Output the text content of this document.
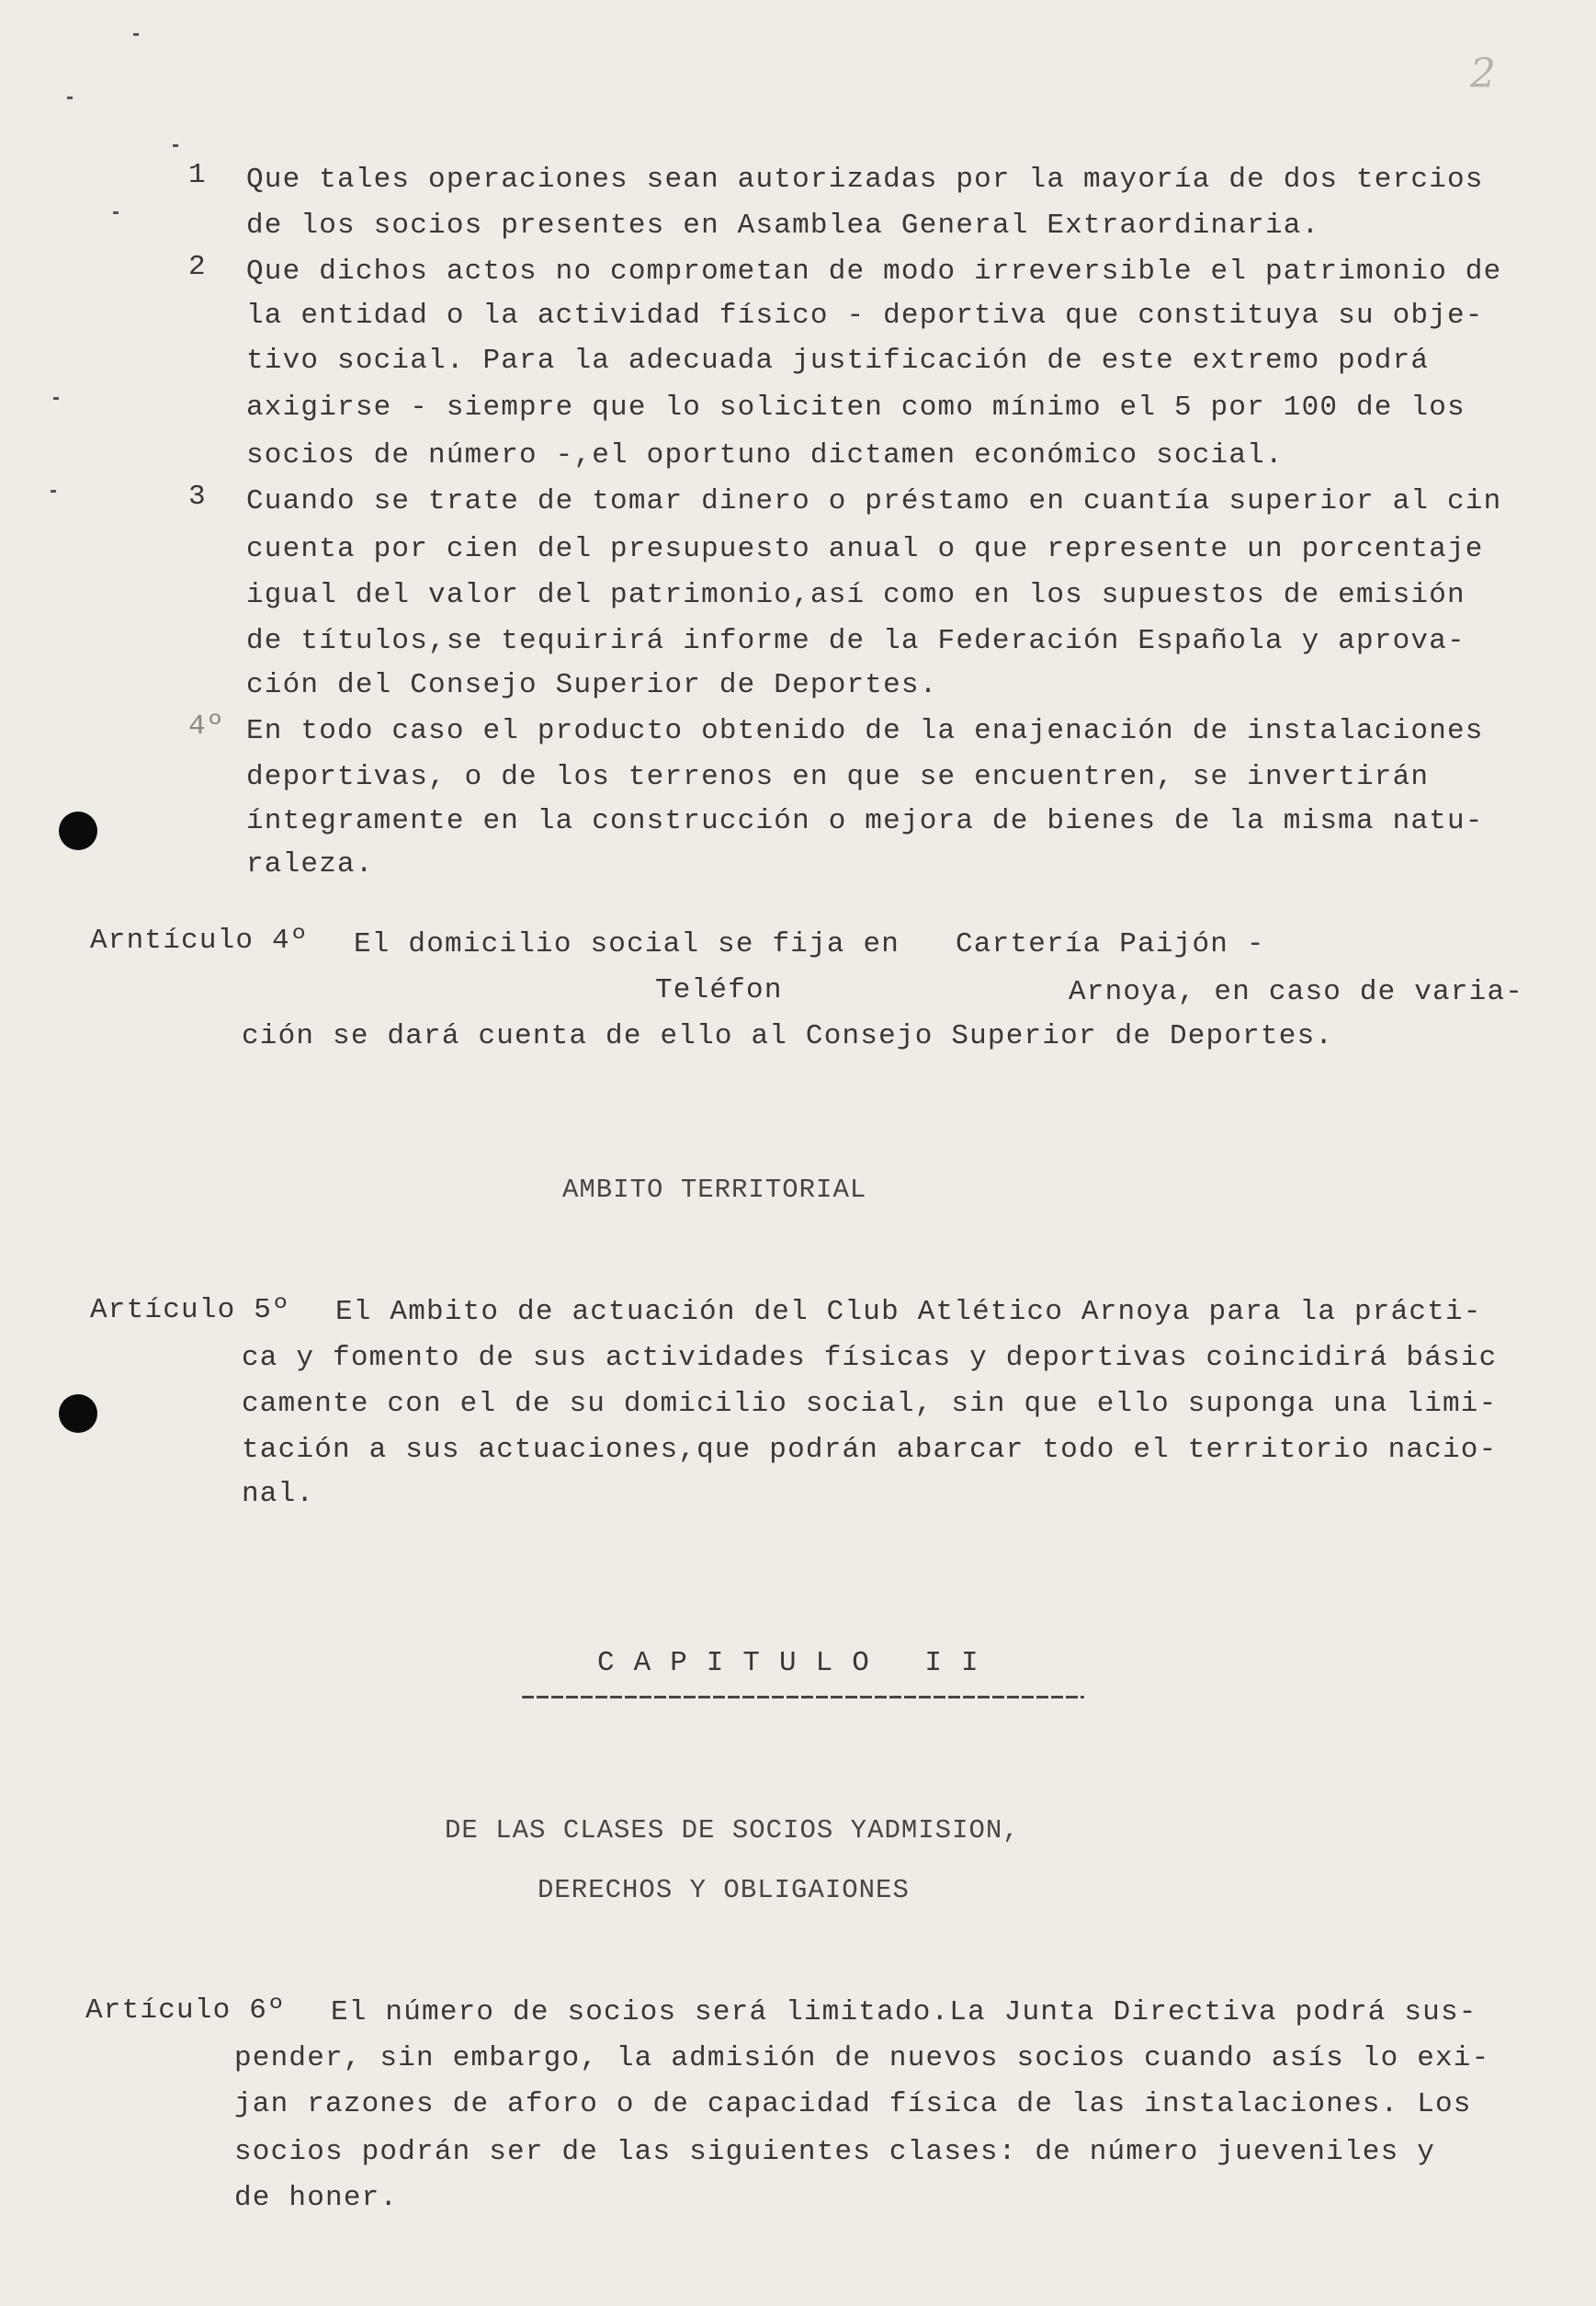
2
1 Que tales operaciones sean autorizadas por la mayoría de dos tercios
de los socios presentes en Asamblea General Extraordinaria.
2 Que dichos actos no comprometan de modo irreversible el patrimonio de
la entidad o la actividad físico - deportiva que constituya su obje-
tivo social. Para la adecuada justificación de este extremo podrá
axigirse - siempre que lo soliciten como mínimo el 5 por 100 de los
socios de número -,el oportuno dictamen económico social.
3 Cuando se trate de tomar dinero o préstamo en cuantía superior al cin
cuenta por cien del presupuesto anual o que represente un porcentaje
igual del valor del patrimonio,así como en los supuestos de emisión
de títulos,se tequirirá informe de la Federación Española y aprova-
ción del Consejo Superior de Deportes.
4º En todo caso el producto obtenido de la enajenación de instalaciones
deportivas, o de los terrenos en que se encuentren, se invertirán
íntegramente en la construcción o mejora de bienes de la misma natu-
raleza.
Arntículo 4º El domicilio social se fija en Cartería Paijón -
Teléfon	Arnoya, en caso de varia-
ción se dará cuenta de ello al Consejo Superior de Deportes.
AMBITO TERRITORIAL
Artículo 5º El Ambito de actuación del Club Atlético Arnoya para la prácti-
ca y fomento de sus actividades físicas y deportivas coincidirá básic
camente con el de su domicilio social, sin que ello suponga una limi-
tación a sus actuaciones,que podrán abarcar todo el territorio nacio-
nal.
CAPITULO II
DE LAS CLASES DE SOCIOS YADMISION,
DERECHOS Y OBLIGAIONES
Artículo 6º El número de socios será limitado.La Junta Directiva podrá sus-
pender, sin embargo, la admisión de nuevos socios cuando asís lo exi-
jan razones de aforo o de capacidad física de las instalaciones. Los
socios podrán ser de las siguientes clases: de número jueveniles y
de honer.
